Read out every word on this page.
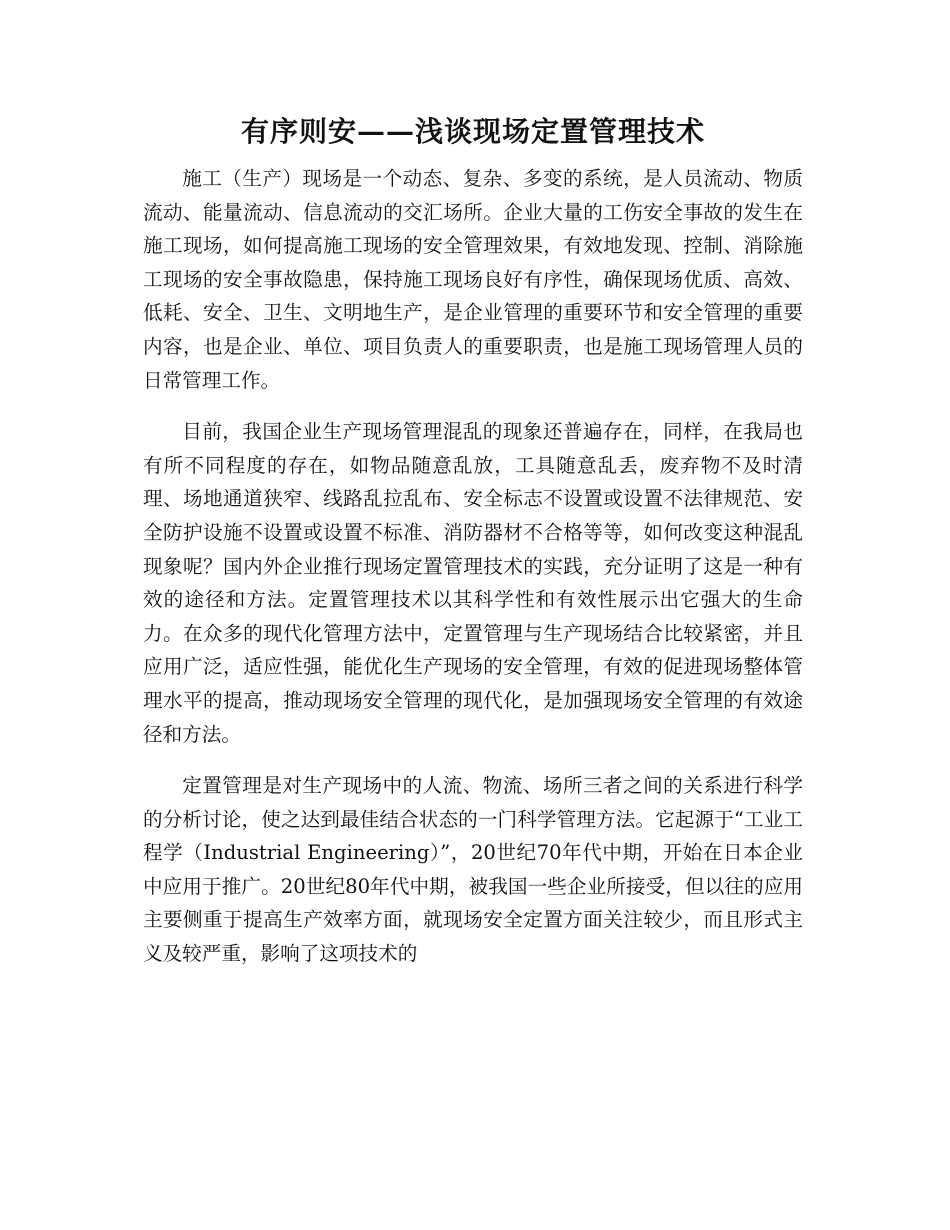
有序则安——浅谈现场定置管理技术

施工（生产）现场是一个动态、复杂、多变的系统，是人员流动、物质流动、能量流动、信息流动的交汇场所。企业大量的工伤安全事故的发生在施工现场，如何提高施工现场的安全管理效果，有效地发现、控制、消除施工现场的安全事故隐患，保持施工现场良好有序性，确保现场优质、高效、低耗、安全、卫生、文明地生产，是企业管理的重要环节和安全管理的重要内容，也是企业、单位、项目负责人的重要职责，也是施工现场管理人员的日常管理工作。

目前，我国企业生产现场管理混乱的现象还普遍存在，同样，在我局也有所不同程度的存在，如物品随意乱放，工具随意乱丢，废弃物不及时清理、场地通道狭窄、线路乱拉乱布、安全标志不设置或设置不法律规范、安全防护设施不设置或设置不标准、消防器材不合格等等，如何改变这种混乱现象呢？国内外企业推行现场定置管理技术的实践，充分证明了这是一种有效的途径和方法。定置管理技术以其科学性和有效性展示出它强大的生命力。在众多的现代化管理方法中，定置管理与生产现场结合比较紧密，并且应用广泛，适应性强，能优化生产现场的安全管理，有效的促进现场整体管理水平的提高，推动现场安全管理的现代化，是加强现场安全管理的有效途径和方法。

定置管理是对生产现场中的人流、物流、场所三者之间的关系进行科学的分析讨论，使之达到最佳结合状态的一门科学管理方法。它起源于“工业工程学（Industrial Engineering）”，20世纪70年代中期，开始在日本企业中应用于推广。20世纪80年代中期，被我国一些企业所接受，但以往的应用主要侧重于提高生产效率方面，就现场安全定置方面关注较少，而且形式主义及较严重，影响了这项技术的
